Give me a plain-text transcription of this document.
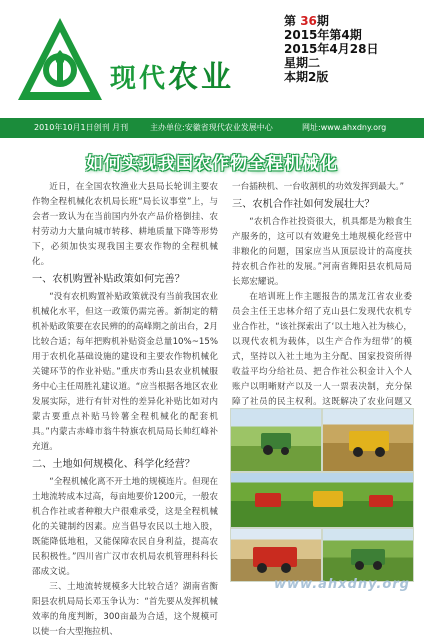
现代农业
第 36期
2015年第4期
2015年4月28日
星期二
本期2版
2010年10月1日创刊 月刊	主办单位:安徽省现代农业发展中心	网址:www.ahxdny.org
如何实现我国农作物全程机械化

近日，在全国农牧渔业大县局长轮训主要农作物全程机械化农机局长班“局长议事堂”上，与会者一致认为在当前国内外农产品价格倒挂、农村劳动力大量向城市转移、耕地质量下降等形势下，必须加快实现我国主要农作物的全程机械化。

一、农机购置补贴政策如何完善？

“没有农机购置补贴政策就没有当前我国农业机械化水平，但这一政策仍需完善。新制定的精机补贴政策要在农民辨的的高峰期之前出台，2月比较合适；每年把购机补贴资金总量10%~15%用于农机化基础设施的建设和主要农作物机械化关键环节的作业补贴。”重庆市秀山县农业机械服务中心主任周胜礼建议道。“应当根据各地区农业发展实际，进行有针对性的差异化补贴比如对内蒙古要重点补贴马铃薯全程机械化的配套机具。”内蒙古赤峰市翁牛特旗农机局局长帅红峰补充道。

二、土地如何规模化、科学化经营？

“全程机械化离不开土地的规模连片。但现在土地流转成本过高，每亩地要价1200元，一般农机合作社或者种粮大户很难承受，这是全程机械化的关键制约因素。应当倡导农民以土地入股，既能降低地租，又能保障农民自身利益，提高农民积极性。”四川省广汉市农机局农机管理科科长邵成文说。

三、土地流转规模多大比较合适？湖南省衡阳县农机局局长邓玉争认为：“首先要从发挥机械效率的角度判断，300亩最为合适，这个规模可以使一台大型拖拉机、

一台插秧机、一台收割机的功效发挥到最大。”

三、农机合作社如何发展壮大？

“农机合作社投资很大，机具都是为粮食生产服务的，这可以有效避免土地规模化经营中非粮化的问题，国家应当从顶层设计的高度扶持农机合作社的发展。”河南省舞阳县农机局局长郑宏耀说。

在培训班上作主题报告的黑龙江省农业委员会主任王忠林介绍了克山县仁发现代农机专业合作社，“该社探索出了‘以土地入社为核心，以现代农机为载体，以生产合作为纽带’的模式，坚持以入社土地为主分配、国家投资所得收益平均分给社员、把合作社公积金计入个人账户以明晰财产以及一人一票表决制，充分保障了社员的民主权利。这既解决了农业问题又

www.ahxdny.org
